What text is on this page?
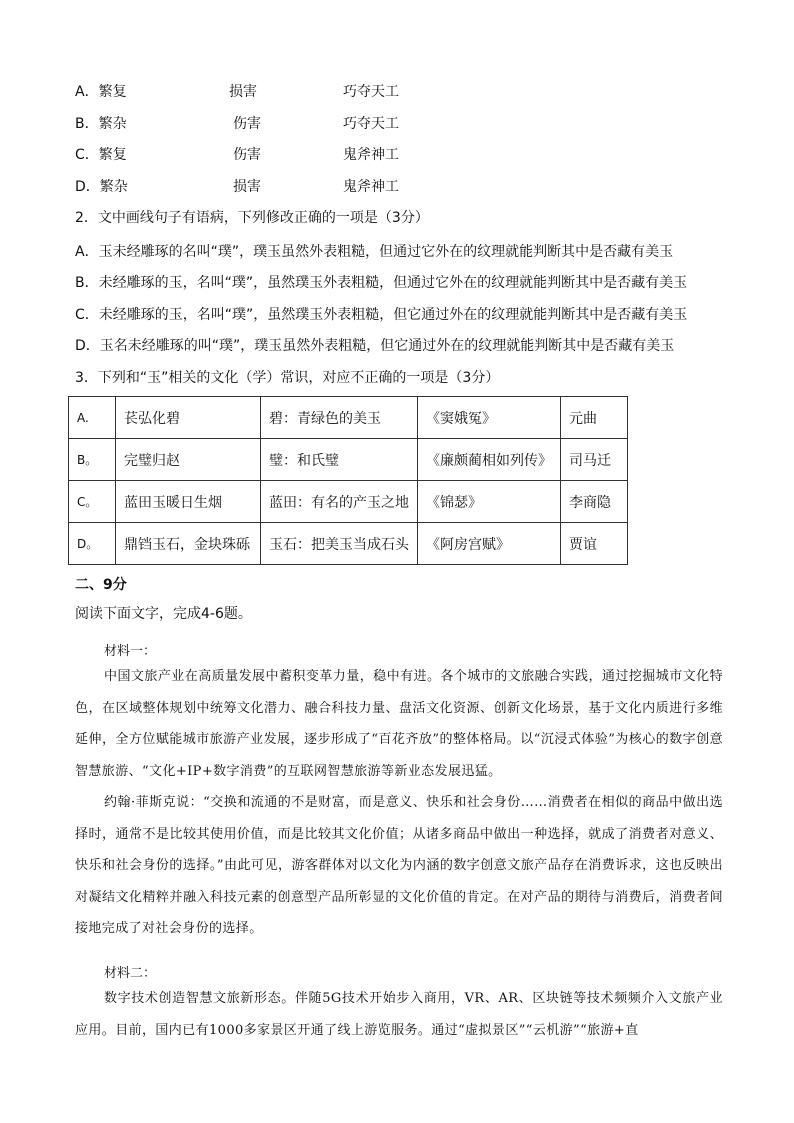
A．繁复	损害	巧夺天工
B．繁杂	伤害	巧夺天工
C．繁复	伤害	鬼斧神工
D．繁杂	损害	鬼斧神工
2．文中画线句子有语病，下列修改正确的一项是（3分）
A．玉未经雕琢的名叫“璞”，璞玉虽然外表粗糙，但通过它外在的纹理就能判断其中是否藏有美玉
B．未经雕琢的玉，名叫“璞”，虽然璞玉外表粗糙，但通过它外在的纹理就能判断其中是否藏有美玉
C．未经雕琢的玉，名叫“璞”，虽然璞玉外表粗糙，但它通过外在的纹理就能判断其中是否藏有美玉
D．玉名未经雕琢的叫“璞”，璞玉虽然外表粗糙，但它通过外在的纹理就能判断其中是否藏有美玉
3．下列和“玉”相关的文化（学）常识，对应不正确的一项是（3分）
A.	苌弘化碧	碧：青绿色的美玉	《窦娥冤》	元曲
B。	完璧归赵	璧：和氏璧	《廉颇蔺相如列传》	司马迁
C。	蓝田玉暖日生烟	蓝田：有名的产玉之地	《锦瑟》	李商隐
D。	鼎铛玉石，金块珠砾	玉石：把美玉当成石头	《阿房宫赋》	贾谊
二、9分
阅读下面文字，完成4-6题。
材料一：
中国文旅产业在高质量发展中蓄积变革力量，稳中有进。各个城市的文旅融合实践，通过挖掘城市文化特色，在区域整体规划中统筹文化潜力、融合科技力量、盘活文化资源、创新文化场景，基于文化内质进行多维延伸，全方位赋能城市旅游产业发展，逐步形成了“百花齐放”的整体格局。以“沉浸式体验”为核心的数字创意智慧旅游、“文化+IP+数字消费”的互联网智慧旅游等新业态发展迅猛。
约翰·菲斯克说：“交换和流通的不是财富，而是意义、快乐和社会身份……消费者在相似的商品中做出选择时，通常不是比较其使用价值，而是比较其文化价值；从诸多商品中做出一种选择，就成了消费者对意义、快乐和社会身份的选择。”由此可见，游客群体对以文化为内涵的数字创意文旅产品存在消费诉求，这也反映出对凝结文化精粹并融入科技元素的创意型产品所彰显的文化价值的肯定。在对产品的期待与消费后，消费者间接地完成了对社会身份的选择。
材料二：
数字技术创造智慧文旅新形态。伴随5G技术开始步入商用，VR、AR、区块链等技术频频介入文旅产业应用。目前，国内已有1000多家景区开通了线上游览服务。通过“虚拟景区”“云机游”“旅游+直
